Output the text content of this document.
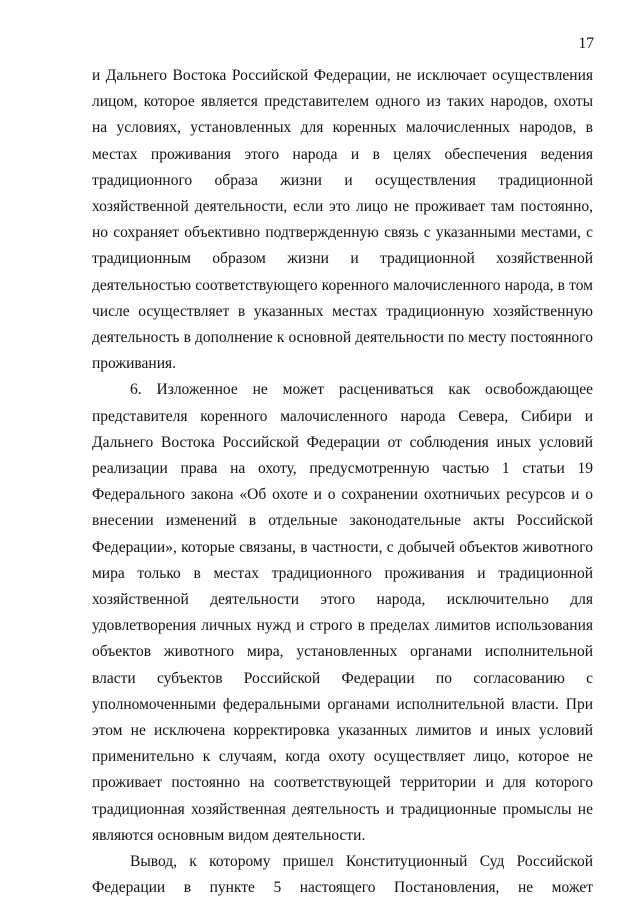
17

и Дальнего Востока Российской Федерации, не исключает осуществления лицом, которое является представителем одного из таких народов, охоты на условиях, установленных для коренных малочисленных народов, в местах проживания этого народа и в целях обеспечения ведения традиционного образа жизни и осуществления традиционной хозяйственной деятельности, если это лицо не проживает там постоянно, но сохраняет объективно подтвержденную связь с указанными местами, с традиционным образом жизни и традиционной хозяйственной деятельностью соответствующего коренного малочисленного народа, в том числе осуществляет в указанных местах традиционную хозяйственную деятельность в дополнение к основной деятельности по месту постоянного проживания.

6. Изложенное не может расцениваться как освобождающее представителя коренного малочисленного народа Севера, Сибири и Дальнего Востока Российской Федерации от соблюдения иных условий реализации права на охоту, предусмотренную частью 1 статьи 19 Федерального закона «Об охоте и о сохранении охотничьих ресурсов и о внесении изменений в отдельные законодательные акты Российской Федерации», которые связаны, в частности, с добычей объектов животного мира только в местах традиционного проживания и традиционной хозяйственной деятельности этого народа, исключительно для удовлетворения личных нужд и строго в пределах лимитов использования объектов животного мира, установленных органами исполнительной власти субъектов Российской Федерации по согласованию с уполномоченными федеральными органами исполнительной власти. При этом не исключена корректировка указанных лимитов и иных условий применительно к случаям, когда охоту осуществляет лицо, которое не проживает постоянно на соответствующей территории и для которого традиционная хозяйственная деятельность и традиционные промыслы не являются основным видом деятельности.

Вывод, к которому пришел Конституционный Суд Российской Федерации в пункте 5 настоящего Постановления, не может
